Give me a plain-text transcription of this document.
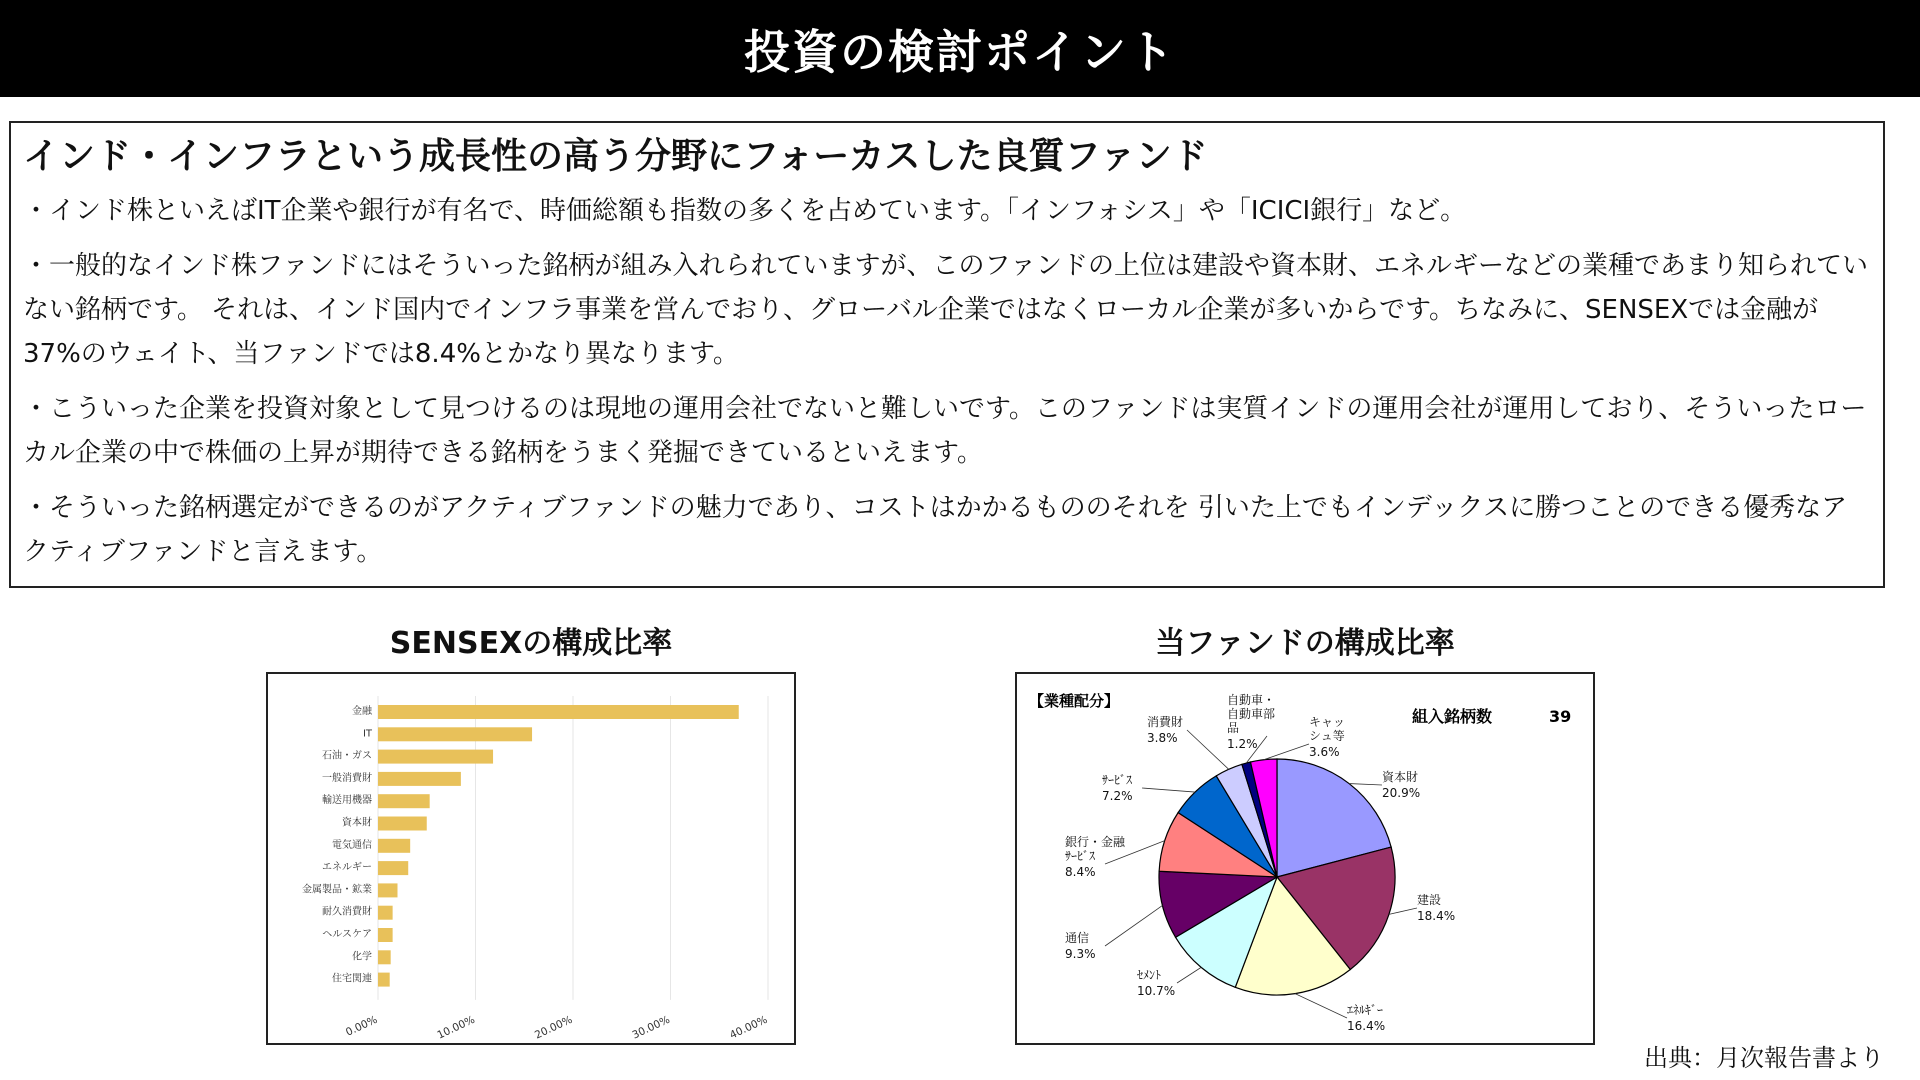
投資の検討ポイント
インド・インフラという成長性の高う分野にフォーカスした良質ファンド

・インド株といえばIT企業や銀行が有名で、時価総額も指数の多くを占めています。「インフォシス」や「ICICI銀行」など。

・一般的なインド株ファンドにはそういった銘柄が組み入れられていますが、このファンドの上位は建設や資本財、エネルギーなどの業種であまり知られていない銘柄です。 それは、インド国内でインフラ事業を営んでおり、グローバル企業ではなくローカル企業が多いからです。ちなみに、SENSEXでは金融が37%のウェイト、当ファンドでは8.4%とかなり異なります。

・こういった企業を投資対象として見つけるのは現地の運用会社でないと難しいです。このファンドは実質インドの運用会社が運用しており、そういったローカル企業の中で株価の上昇が期待できる銘柄をうまく発掘できているといえます。

・そういった銘柄選定ができるのがアクティブファンドの魅力であり、コストはかかるもののそれを 引いた上でもインデックスに勝つことのできる優秀なアクティブファンドと言えます。

SENSEXの構成比率
0.00%	10.00%	20.00%	30.00%	40.00%
金融
IT
石油・ガス
一般消費財
輸送用機器
資本財
電気通信
エネルギー
金属製品・鉱業
耐久消費財
ヘルスケア
化学
住宅関連
当ファンドの構成比率
【業種配分】
組入銘柄数	39
資本財
20.9%
建設
18.4%
ｴﾈﾙｷﾞｰ
16.4%
ｾﾒﾝﾄ
10.7%
通信
9.3%
銀行・金融
ｻｰﾋﾞｽ
8.4%
ｻｰﾋﾞｽ
7.2%
消費財
3.8%
自動車・
自動車部
品
1.2%
キャッ
シュ等
3.6%
出典：月次報告書より
